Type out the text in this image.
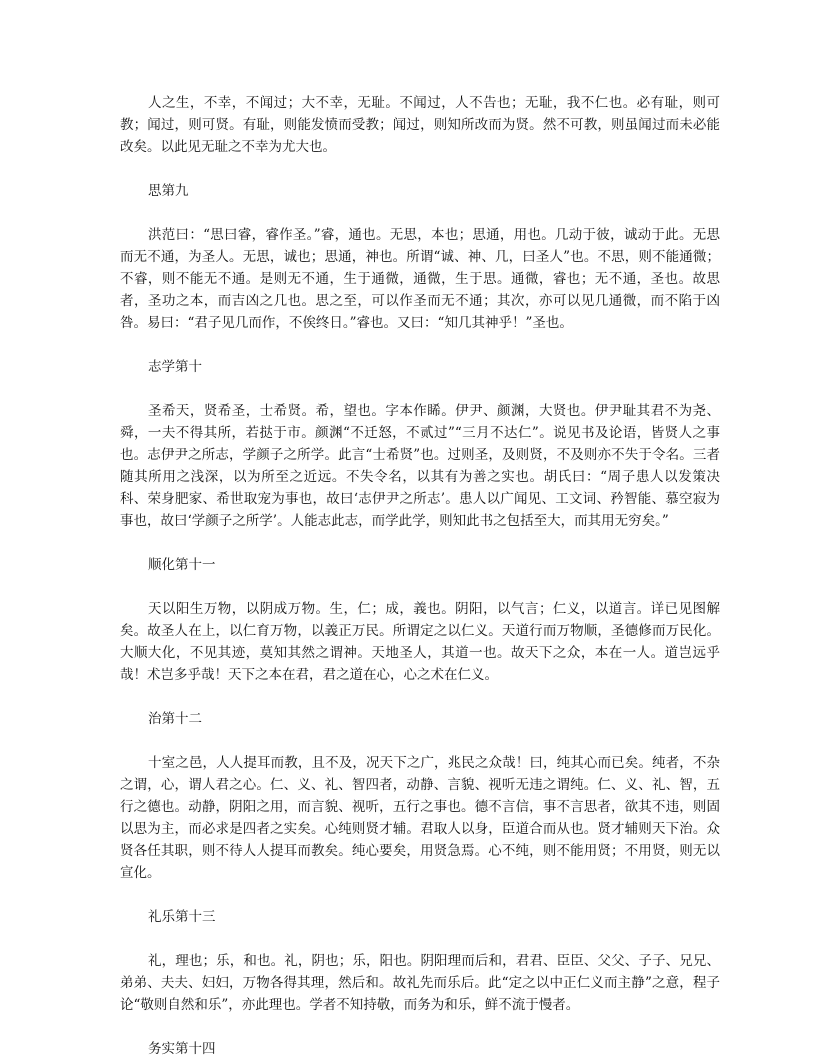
人之生，不幸，不闻过；大不幸，无耻。不闻过，人不告也；无耻，我不仁也。必有耻，则可教；闻过，则可贤。有耻，则能发愤而受教；闻过，则知所改而为贤。然不可教，则虽闻过而未必能改矣。以此见无耻之不幸为尤大也。

思第九

洪范曰：“思曰睿，睿作圣。”睿，通也。无思，本也；思通，用也。几动于彼，诚动于此。无思而无不通，为圣人。无思，诚也；思通，神也。所谓“诚、神、几，曰圣人”也。不思，则不能通微；不睿，则不能无不通。是则无不通，生于通微，通微，生于思。通微，睿也；无不通，圣也。故思者，圣功之本，而吉凶之几也。思之至，可以作圣而无不通；其次，亦可以见几通微，而不陷于凶咎。易曰：“君子见几而作，不俟终日。”睿也。又曰：“知几其神乎！”圣也。

志学第十

圣希天，贤希圣，士希贤。希，望也。字本作睎。伊尹、颜渊，大贤也。伊尹耻其君不为尧、舜，一夫不得其所，若挞于市。颜渊“不迁怒，不贰过”“三月不达仁”。说见书及论语，皆贤人之事也。志伊尹之所志，学颜子之所学。此言“士希贤”也。过则圣，及则贤，不及则亦不失于令名。三者随其所用之浅深，以为所至之近远。不失令名，以其有为善之实也。胡氏曰：“周子患人以发策决科、荣身肥家、希世取宠为事也，故曰‘志伊尹之所志’。患人以广闻见、工文词、矜智能、慕空寂为事也，故曰‘学颜子之所学’。人能志此志，而学此学，则知此书之包括至大，而其用无穷矣。”

顺化第十一

天以阳生万物，以阴成万物。生，仁；成，義也。阴阳，以气言；仁义，以道言。详已见图解矣。故圣人在上，以仁育万物，以義正万民。所谓定之以仁义。天道行而万物顺，圣德修而万民化。大顺大化，不见其迹，莫知其然之谓神。天地圣人，其道一也。故天下之众，本在一人。道岂远乎哉！术岂多乎哉！天下之本在君，君之道在心，心之术在仁义。

治第十二

十室之邑，人人提耳而教，且不及，况天下之广，兆民之众哉！曰，纯其心而已矣。纯者，不杂之谓，心，谓人君之心。仁、义、礼、智四者，动静、言貌、视听无违之谓纯。仁、义、礼、智，五行之德也。动静，阴阳之用，而言貌、视听，五行之事也。德不言信，事不言思者，欲其不违，则固以思为主，而必求是四者之实矣。心纯则贤才辅。君取人以身，臣道合而从也。贤才辅则天下治。众贤各任其职，则不待人人提耳而教矣。纯心要矣，用贤急焉。心不纯，则不能用贤；不用贤，则无以宣化。

礼乐第十三

礼，理也；乐，和也。礼，阴也；乐，阳也。阴阳理而后和，君君、臣臣、父父、子子、兄兄、弟弟、夫夫、妇妇，万物各得其理，然后和。故礼先而乐后。此“定之以中正仁义而主静”之意，程子论“敬则自然和乐”，亦此理也。学者不知持敬，而务为和乐，鲜不流于慢者。

务实第十四
